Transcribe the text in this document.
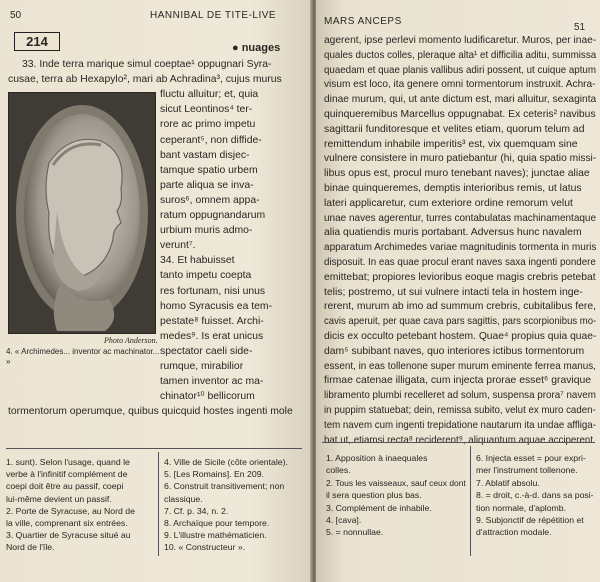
50	HANNIBAL DE TITE-LIVE
214	● nuages
33. Inde terra marique simul coeptae¹ oppugnari Syra-
cusae, terra ab Hexapylo², mari ab Achradina³, cujus murus
fluctu alluitur; et, quia
sicut Leontinos⁴ ter-
rore ac primo impetu
ceperant⁵, non diffide-
bant vastam disjec-
tamque spatio urbem
parte aliqua se inva-
suros⁶, omnem appa-
ratum oppugnandarum
urbium muris admo-
verunt⁷.
34. Et habuisset
tanto impetu coepta
res fortunam, nisi unus
homo Syracusis ea tem-
pestate⁸ fuisset. Archi-
medes⁹. Is erat unicus
spectator caeli side-
rumque, mirabilior
tamen inventor ac ma-
chinator¹⁰ bellicorum
tormentorum operumque, quibus quicquid hostes ingenti mole
Photo Anderson.
4. « Archimedes... inventor ac machinator... »
1. sunt). Selon l'usage, quand le
verbe à l'infinitif complément de
coepi doit être au passif, coepi
lui-même devient un passif.
2. Porte de Syracuse, au Nord de
la ville, comprenant six entrées.
3. Quartier de Syracuse situé au
Nord de l'île.
4. Ville de Sicile (côte orientale).
5. [Les Romains]. En 209.
6. Construit transitivement; non
classique.
7. Cf. p. 34, n. 2.
8. Archaïque pour tempore.
9. L'illustre mathématicien.
10. « Constructeur ».
MARS ANCEPS
51
agerent, ipse perlevi momento ludificaretur. Muros, per inae-
quales ductos colles, pleraque alta¹ et difficilia aditu, summissa
quaedam et quae planis vallibus adiri possent, ut cuique aptum
visum est loco, ita genere omni tormentorum instruxit. Achra-
dinae murum, qui, ut ante dictum est, mari alluitur, sexaginta
quinqueremibus Marcellus oppugnabat. Ex ceteris² navibus
sagittarii funditoresque et velites etiam, quorum telum ad
remittendum inhabile imperitis³ est, vix quemquam sine
vulnere consistere in muro patiebantur (hi, quia spatio missi-
libus opus est, procul muro tenebant naves); junctae aliae
binae quinqueremes, demptis interioribus remis, ut latus
lateri applicaretur, cum exteriore ordine remorum velut
unae naves agerentur, turres contabulatas machinamentaque
alia quatiendis muris portabant. Adversus hunc navalem
apparatum Archimedes variae magnitudinis tormenta in muris
disposuit. In eas quae procul erant naves saxa ingenti pondere
emittebat; propiores levioribus eoque magis crebris petebat
telis; postremo, ut sui vulnere intacti tela in hostem inge-
rerent, murum ab imo ad summum crebris, cubitalibus fere,
cavis aperuit, per quae cava pars sagittis, pars scorpionibus mo-
dicis ex occulto petebant hostem. Quae⁴ propius quia quae-
dam⁵ subibant naves, quo interiores ictibus tormentorum
essent, in eas tollenone super murum eminente ferrea manus,
firmae catenae illigata, cum injecta prorae esset⁶ gravique
libramento plumbi recelleret ad solum, suspensa prora⁷ navem
in puppim statuebat; dein, remissa subito, velut ex muro caden-
tem navem cum ingenti trepidatione nautarum ita undae affliga-
bat ut, etiamsi recta⁸ reciderent⁹, aliquantum aquae acciperent.
1. Apposition à inaequales
colles.
2. Tous les vaisseaux, sauf ceux dont
il sera question plus bas.
3. Complément de inhabile.
4. [cava].
5. = nonnullae.
6. Injecta esset = pour expri-
mer l'instrument tollenone.
7. Ablatif absolu.
8. = droit, c.-à-d. dans sa posi-
tion normale, d'aplomb.
9. Subjonctif de répétition et
d'attraction modale.
